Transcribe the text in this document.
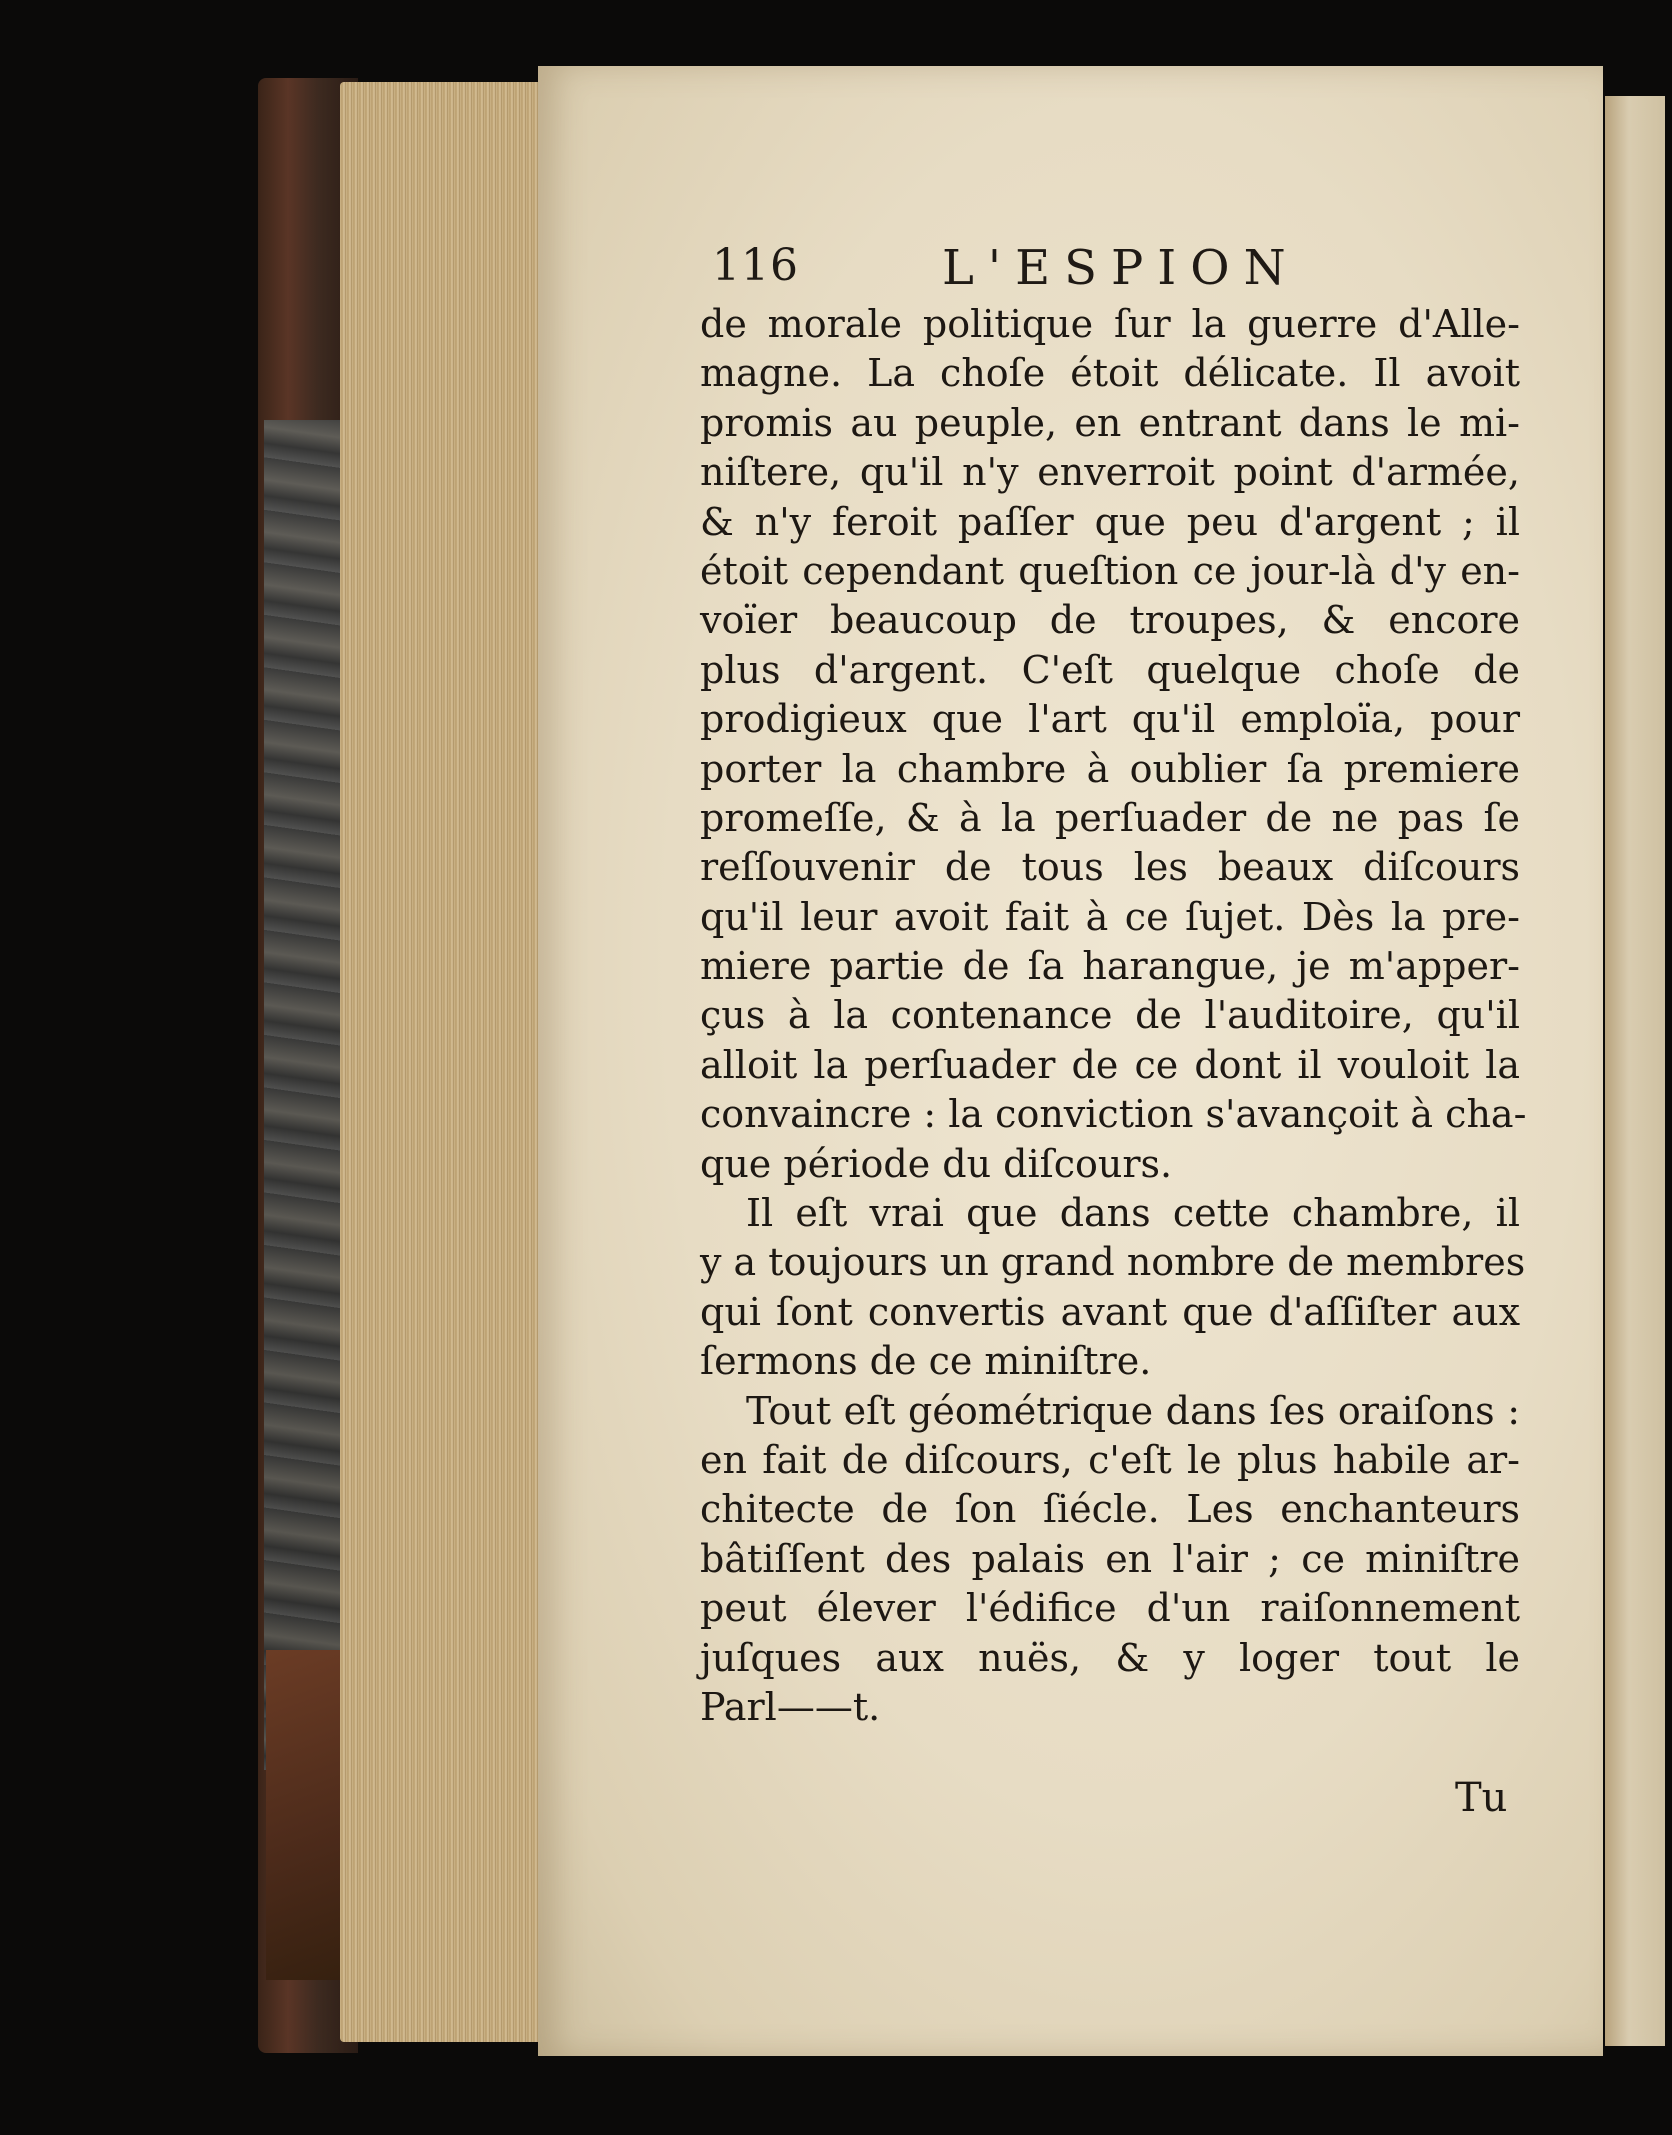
116	L'ESPION
de morale politique ſur la guerre d'Alle-
magne. La choſe étoit délicate. Il avoit
promis au peuple, en entrant dans le mi-
niſtere, qu'il n'y enverroit point d'armée,
& n'y feroit paſſer que peu d'argent ; il
étoit cependant queſtion ce jour-là d'y en-
voïer beaucoup de troupes, & encore
plus d'argent. C'eſt quelque choſe de
prodigieux que l'art qu'il emploïa, pour
porter la chambre à oublier ſa premiere
promeſſe, & à la perſuader de ne pas ſe
reſſouvenir de tous les beaux diſcours
qu'il leur avoit fait à ce ſujet. Dès la pre-
miere partie de ſa harangue, je m'apper-
çus à la contenance de l'auditoire, qu'il
alloit la perſuader de ce dont il vouloit la
convaincre : la conviction s'avançoit à cha-
que période du diſcours.
Il eſt vrai que dans cette chambre, il
y a toujours un grand nombre de membres
qui ſont convertis avant que d'aſſiſter aux
ſermons de ce miniſtre.
Tout eſt géométrique dans ſes oraiſons :
en fait de diſcours, c'eſt le plus habile ar-
chitecte de ſon ſiécle. Les enchanteurs
bâtiſſent des palais en l'air ; ce miniſtre
peut élever l'édifice d'un raiſonnement
juſques aux nuës, & y loger tout le
Parl——t.
Tu
